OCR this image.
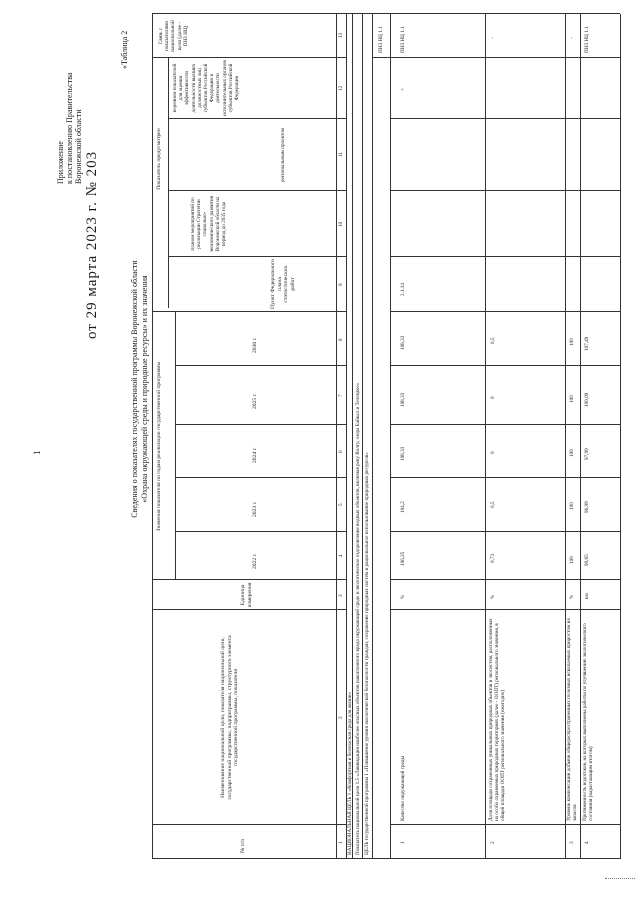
1
Приложение к постановлению Правительства Воронежской области
от 29 марта 2023 г. № 203
«Таблица 2
Сведения о показателях государственной программы Воронежской области «Охрана окружающей среды и природные ресурсы» и их значения
№ п/п
Наименование национальной цели, показателя национальной цели, государственной программы, подпрограммы, структурного элемента государственной программы, показателя
Единица измерения
Значения показателя по годам реализации государственной программы
2022 г.
2023 г.
2024 г.
2025 г.
2030 г.
Пункт Федерального плана статистических работ
Показатель предусмотрен
планом мероприятий по реализации Стратегии социально-экономического развития Воронежской области на период до 2035 года
региональным проектом
перечнем показателей для оценки эффективности деятельности высших должностных лиц субъектов Российской Федерации и деятельности исполнительных органов субъектов Российской Федерации
Связь с показателями национальной цели (далее - ПНЗ НЦ)
1
2
3
4
5
6
7
8
9
10
11
12
13
НАЦИОНАЛЬНАЯ ЦЕЛЬ 1 «Комфортная и безопасная среда для жизни» Показатель национальной цели 1.5 «Ликвидация наиболее опасных объектов накопленного вреда окружающей среде и экологическое оздоровление водных объектов, включая реку Волгу, озера Байкал и Телецкое» ЦЕЛЬ государственной программы 1 «Повышение уровня экологической безопасности граждан, сохранение природных систем и рациональное использование природных ресурсов»
ПНЗ НЦ 1.1
1
Качество окружающей среды
%
106,25
104,2
108,33
108,33
108,33
2.1.14
+
ПНЗ НЦ 1.1
2
Доля площади сохраненных уникальных природных объектов и экосистем, расположенных на особо охраняемых природных территориях (далее - ООПТ) регионального значения, в общей площади ООПТ регионального значения (ежегодно)
%
0,73
0,5
0
0
0,5
-
3
Уровень компенсации добычи общераспространенных полезных ископаемых приростом их запасов
%
100
100
100
100
100
-
4
Протяженность водотоков, на которых выполнены работы по улучшению экологического состояния (нарастающим итогом)
км
90,85
96,99
97,99
100,09
107,49
ПНЗ НЦ 1.1
